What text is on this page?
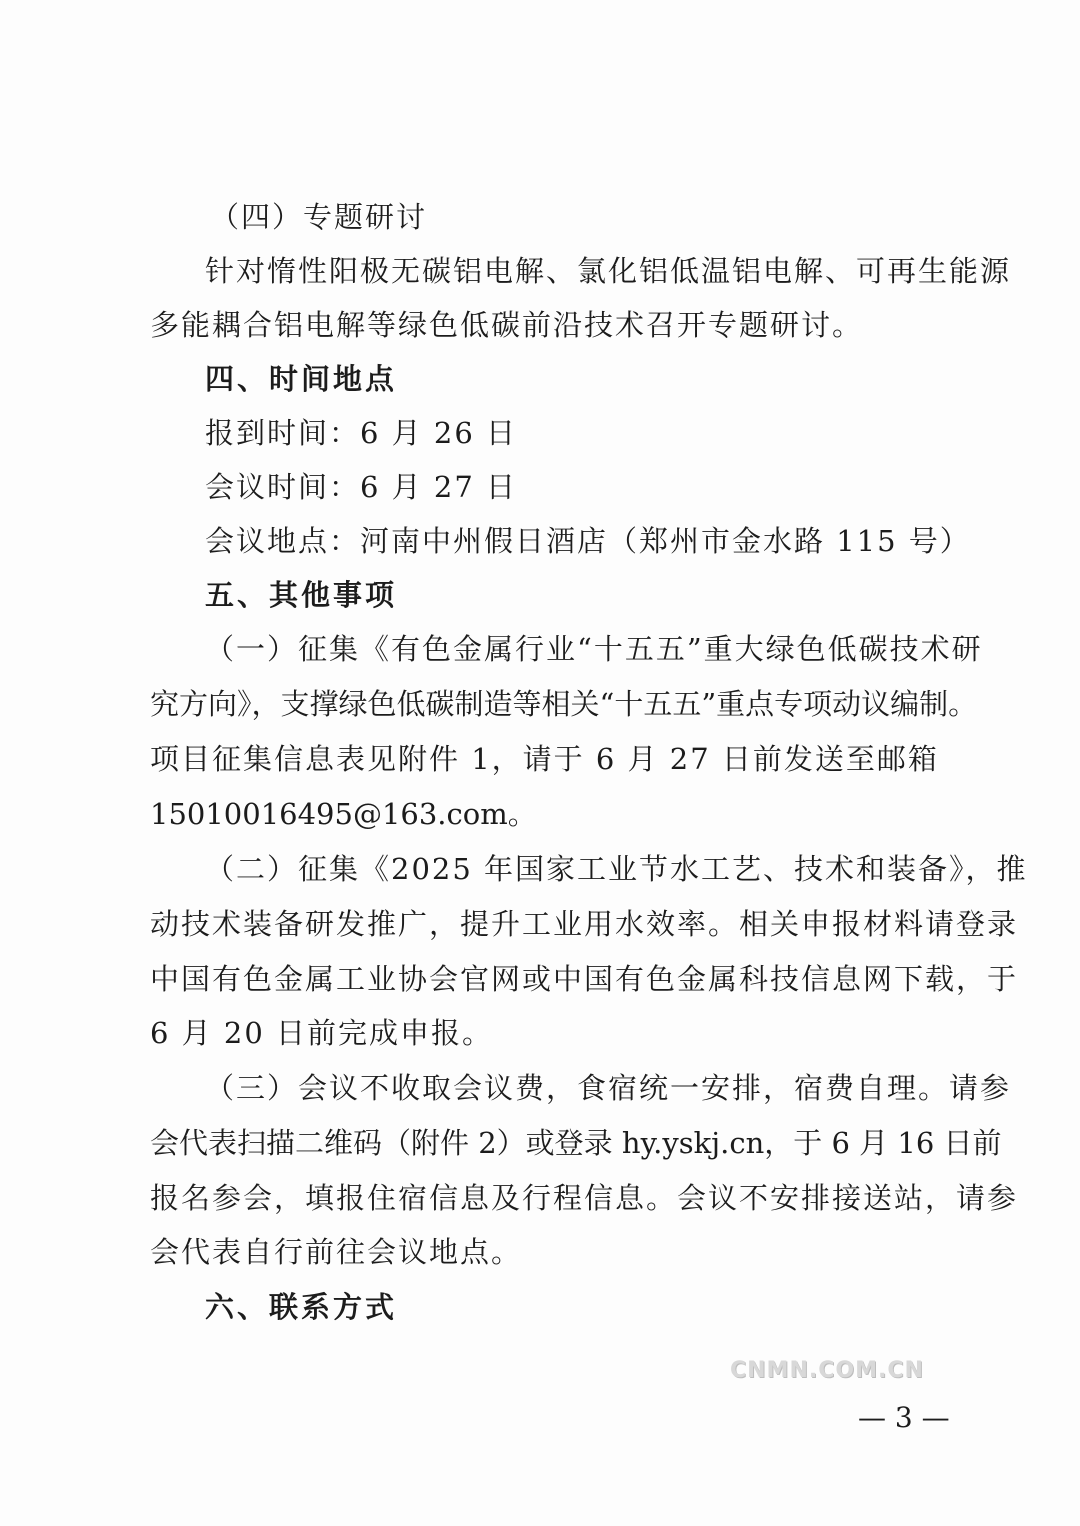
（四）专题研讨
针对惰性阳极无碳铝电解、氯化铝低温铝电解、可再生能源
多能耦合铝电解等绿色低碳前沿技术召开专题研讨。
四、时间地点
报到时间：6 月 26 日
会议时间：6 月 27 日
会议地点：河南中州假日酒店（郑州市金水路 115 号）
五、其他事项
（一）征集《有色金属行业“十五五”重大绿色低碳技术研
究方向》，支撑绿色低碳制造等相关“十五五”重点专项动议编制。
项目征集信息表见附件 1，请于 6 月 27 日前发送至邮箱
15010016495@163.com。
（二）征集《2025 年国家工业节水工艺、技术和装备》，推
动技术装备研发推广，提升工业用水效率。相关申报材料请登录
中国有色金属工业协会官网或中国有色金属科技信息网下载，于
6 月 20 日前完成申报。
（三）会议不收取会议费，食宿统一安排，宿费自理。请参
会代表扫描二维码（附件 2）或登录 hy.yskj.cn，于 6 月 16 日前
报名参会，填报住宿信息及行程信息。会议不安排接送站，请参
会代表自行前往会议地点。
六、联系方式
CNMN.COM.CN
— 3 —
